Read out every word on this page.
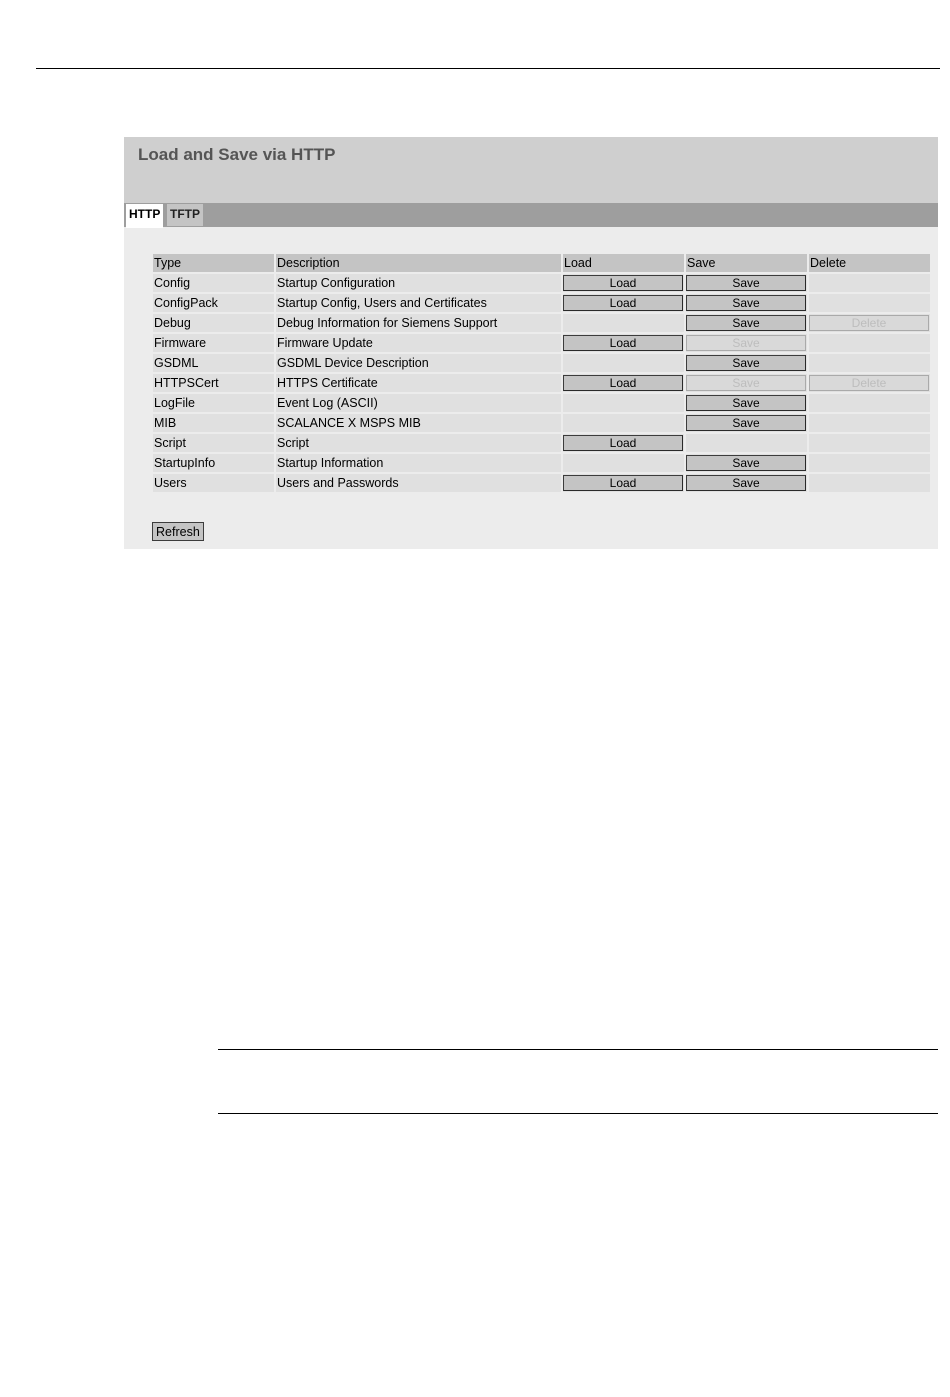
Load and Save via HTTP
HTTP TFTP
Type	Description	Load	Save	Delete
Config	Startup Configuration	Load	Save	

ConfigPack	Startup Config, Users and Certificates	Load	Save	

Debug	Debug Information for Siemens Support		Save	Delete

Firmware	Firmware Update	Load	Save	

GSDML	GSDML Device Description		Save	

HTTPSCert	HTTPS Certificate	Load	Save	Delete

LogFile	Event Log (ASCII)		Save	

MIB	SCALANCE X MSPS MIB		Save	

Script	Script	Load		

StartupInfo	Startup Information		Save	

Users	Users and Passwords	Load	Save	

Refresh
